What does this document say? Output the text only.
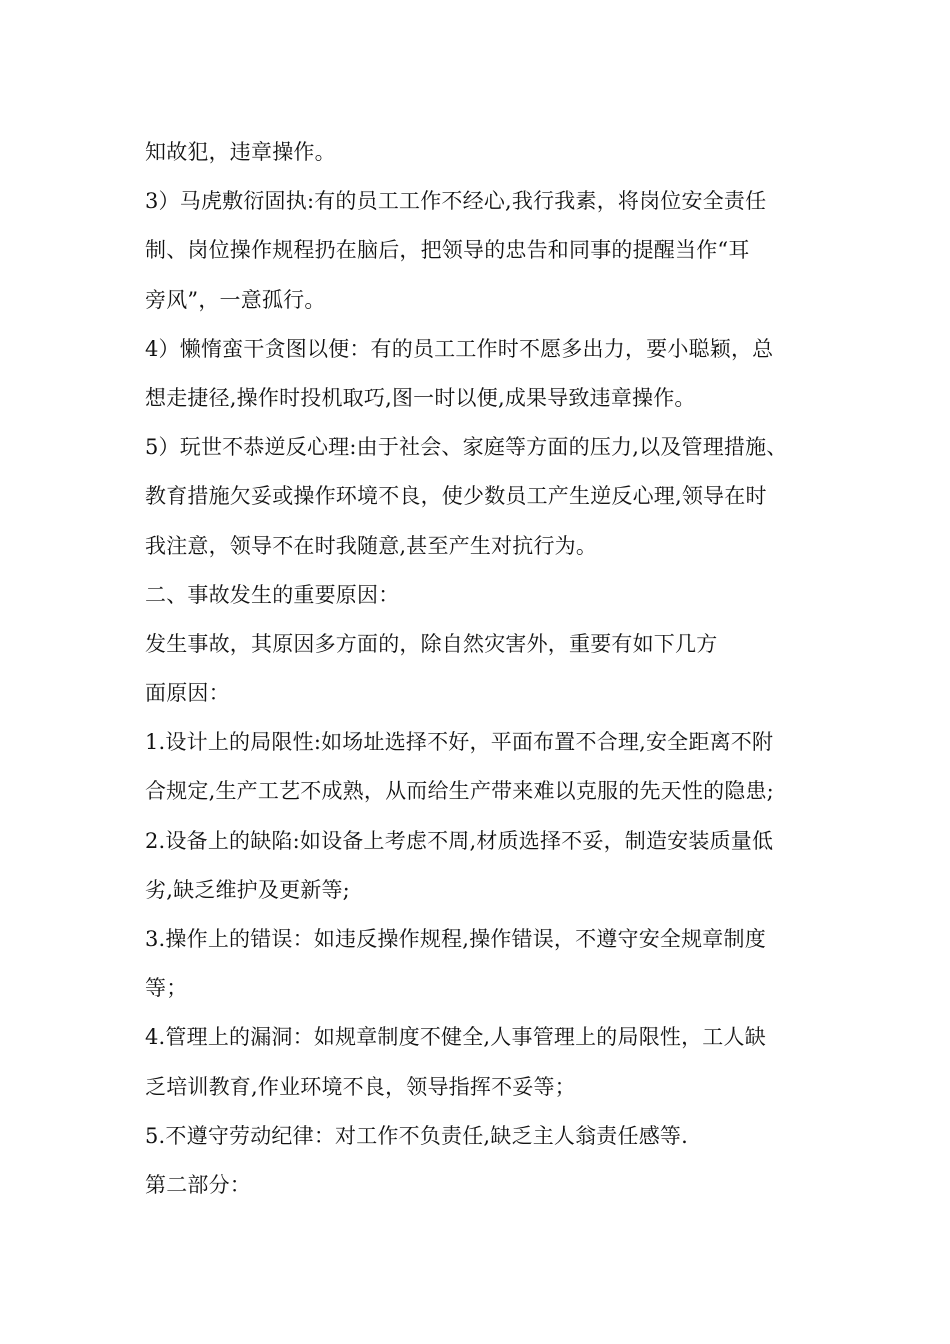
知故犯，违章操作。
3）马虎敷衍固执:有的员工工作不经心,我行我素，将岗位安全责任
制、岗位操作规程扔在脑后，把领导的忠告和同事的提醒当作“耳
旁风”，一意孤行。
4）懒惰蛮干贪图以便：有的员工工作时不愿多出力，要小聪颖，总
想走捷径,操作时投机取巧,图一时以便,成果导致违章操作。
5）玩世不恭逆反心理:由于社会、家庭等方面的压力,以及管理措施、
教育措施欠妥或操作环境不良，使少数员工产生逆反心理,领导在时
我注意，领导不在时我随意,甚至产生对抗行为。
二、事故发生的重要原因：
发生事故，其原因多方面的，除自然灾害外，重要有如下几方
面原因：
1.设计上的局限性:如场址选择不好，平面布置不合理,安全距离不附
合规定,生产工艺不成熟，从而给生产带来难以克服的先天性的隐患;
2.设备上的缺陷:如设备上考虑不周,材质选择不妥，制造安装质量低
劣,缺乏维护及更新等;
3.操作上的错误：如违反操作规程,操作错误，不遵守安全规章制度
等；
4.管理上的漏洞：如规章制度不健全,人事管理上的局限性，工人缺
乏培训教育,作业环境不良，领导指挥不妥等；
5.不遵守劳动纪律：对工作不负责任,缺乏主人翁责任感等.
第二部分：
